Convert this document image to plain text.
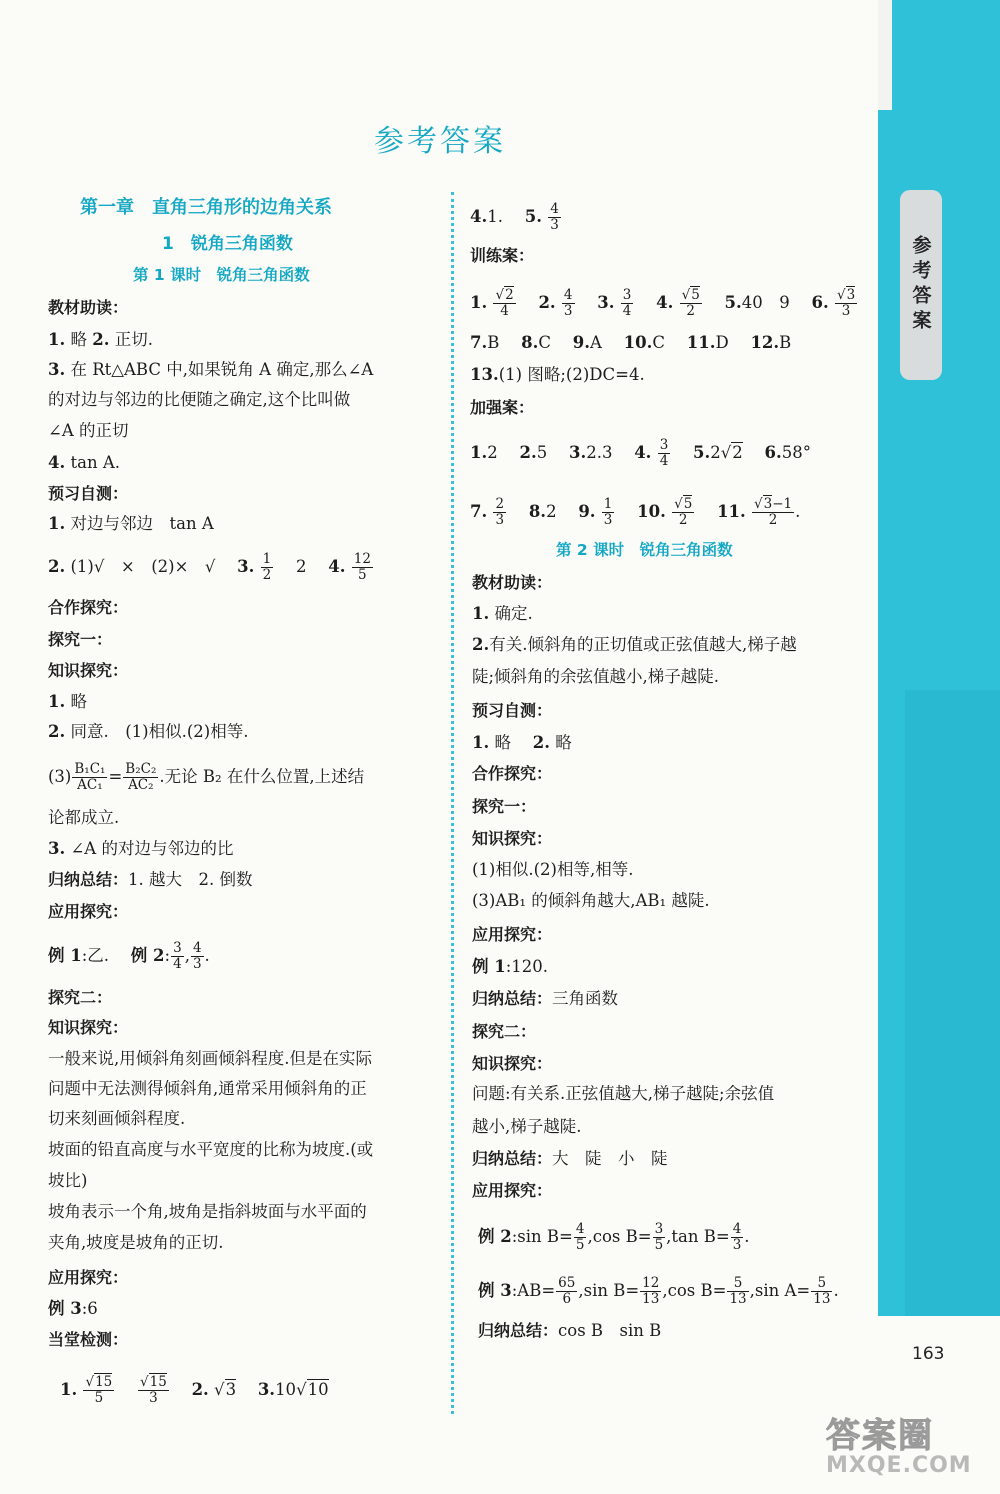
参考答案
参考答案
第一章　直角三角形的边角关系
1　锐角三角函数
第 1 课时　锐角三角函数
教材助读：
1. 略 2. 正切.
3. 在 Rt△ABC 中,如果锐角 A 确定,那么∠A
的对边与邻边的比便随之确定,这个比叫做
∠A 的正切
4. tan A.
预习自测：
1. 对边与邻边　tan A
2. (1)√　×　(2)×　√　 3. $\frac{1}{2}$
　 2　 4. $\frac{12}{5}$
合作探究：
探究一：
知识探究：
1. 略
2. 同意.　(1)相似.(2)相等.
$(3) \frac{\text{B₁C₁}}{\text{AC₁}} = \frac{\text{B₂C₂}}{\text{AC₂}}$ .无论 B₂ 在什么位置,上述结
论都成立.
3. ∠A 的对边与邻边的比
归纳总结：1. 越大　2. 倒数
应用探究：
例 1:乙.　 例 2: $\frac{3}{4}$ , $\frac{4}{3}$ .
探究二：
知识探究：
一般来说,用倾斜角刻画倾斜程度.但是在实际
问题中无法测得倾斜角,通常采用倾斜角的正
切来刻画倾斜程度.
坡面的铅直高度与水平宽度的比称为坡度.(或
坡比)
坡角表示一个角,坡角是指斜坡面与水平面的
夹角,坡度是坡角的正切.
应用探究：
例 3:6
当堂检测：
1. $\frac{√15}{5}$
　 $\frac{√15}{3}$
　 2. √3 　 3.10√10
4.1.　 5. $\frac{4}{3}$
训练案：
1. $\frac{√2}{4}$
　 2. $\frac{4}{3}$
　 3. $\frac{3}{4}$
　 4. $\frac{√5}{2}$
　 5.40　9　 6. $\frac{√3}{3}$
7.B　 8.C　 9.A　 10.C　 11.D　 12.B
13.(1) 图略;(2)DC=4.
加强案：
1.2　 2.5　 3.2.3　 4. $\frac{3}{4}$
　 5.2√2　 6.58°
7. $\frac{2}{3}$
　 8.2　 9. $\frac{1}{3}$
　 10. $\frac{√5}{2}$
　 11. $\frac{√3-1}{2}$ .
第 2 课时　锐角三角函数
教材助读：
1. 确定.
2.有关.倾斜角的正切值或正弦值越大,梯子越
陡;倾斜角的余弦值越小,梯子越陡.
预习自测：
1. 略　 2. 略
合作探究：
探究一：
知识探究：
(1)相似.(2)相等,相等.
(3)AB₁ 的倾斜角越大,AB₁ 越陡.
应用探究：
例 1:120.
归纳总结：三角函数
探究二：
知识探究：
问题:有关系.正弦值越大,梯子越陡;余弦值
越小,梯子越陡.
归纳总结：大　陡　小　陡
应用探究：
例 2:sin $B= \frac{4}{5} ,\cos$ $B= \frac{3}{5} ,\tan$ $B= \frac{4}{3}$ .
例 3:AB= $\frac{65}{6} ,\sin$ $B= \frac{12}{13} ,\cos$ $B= \frac{5}{13} ,\sin$ $A= \frac{5}{13}$ .
归纳总结：cos B　sin B
163
答案圈
MXQE.COM
